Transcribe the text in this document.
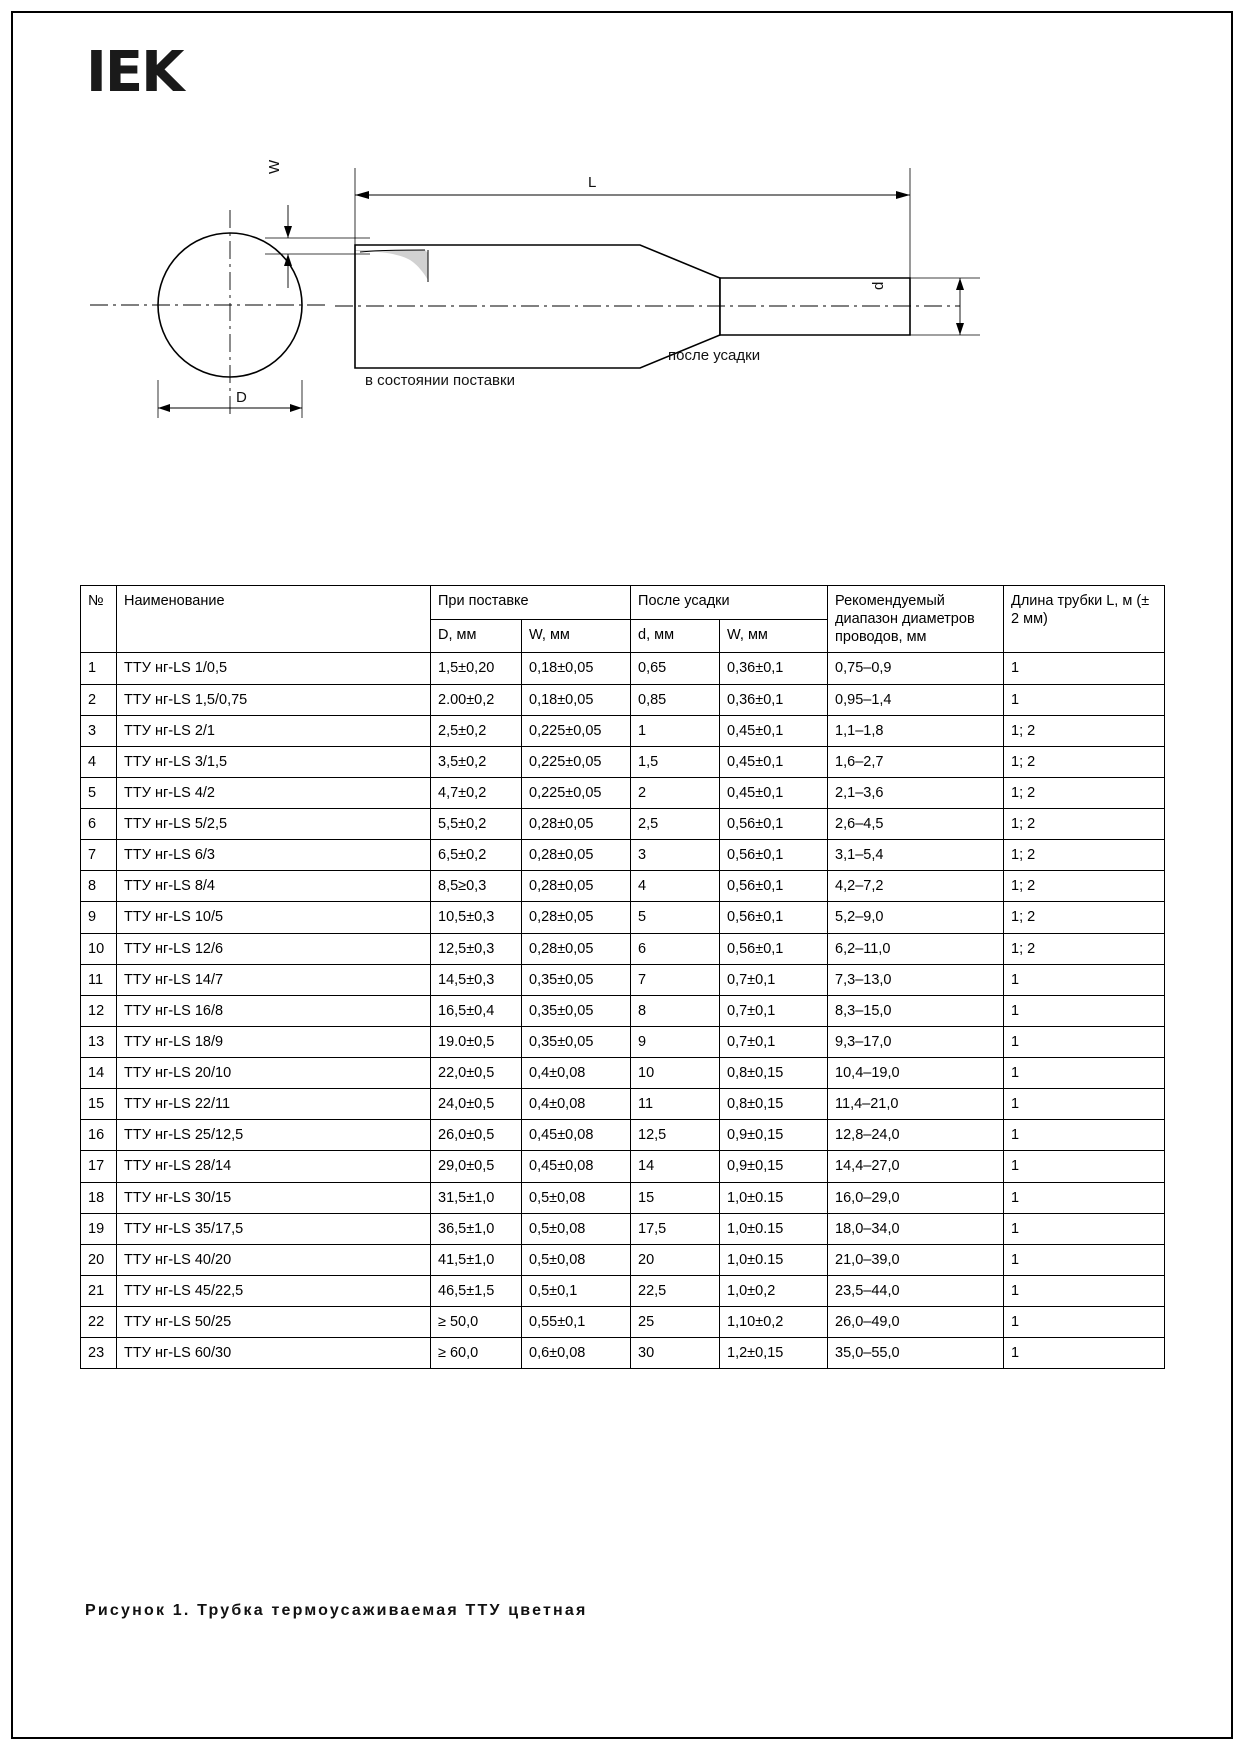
IEK
L
D
W
d
в состоянии поставки
после усадки
№	Наименование	При поставке		После усадки		Рекомендуемый диапазон диаметров проводов, мм	Длина трубки L, м (± 2 мм)
		D, мм	W, мм	d, мм	W, мм		
1	ТТУ нг-LS 1/0,5	1,5±0,20	0,18±0,05	0,65	0,36±0,1	0,75–0,9	1
2	ТТУ нг-LS 1,5/0,75	2.00±0,2	0,18±0,05	0,85	0,36±0,1	0,95–1,4	1
3	ТТУ нг-LS 2/1	2,5±0,2	0,225±0,05	1	0,45±0,1	1,1–1,8	1; 2
4	ТТУ нг-LS 3/1,5	3,5±0,2	0,225±0,05	1,5	0,45±0,1	1,6–2,7	1; 2
5	ТТУ нг-LS 4/2	4,7±0,2	0,225±0,05	2	0,45±0,1	2,1–3,6	1; 2
6	ТТУ нг-LS 5/2,5	5,5±0,2	0,28±0,05	2,5	0,56±0,1	2,6–4,5	1; 2
7	ТТУ нг-LS 6/3	6,5±0,2	0,28±0,05	3	0,56±0,1	3,1–5,4	1; 2
8	ТТУ нг-LS 8/4	8,5≥0,3	0,28±0,05	4	0,56±0,1	4,2–7,2	1; 2
9	ТТУ нг-LS 10/5	10,5±0,3	0,28±0,05	5	0,56±0,1	5,2–9,0	1; 2
10	ТТУ нг-LS 12/6	12,5±0,3	0,28±0,05	6	0,56±0,1	6,2–11,0	1; 2
11	ТТУ нг-LS 14/7	14,5±0,3	0,35±0,05	7	0,7±0,1	7,3–13,0	1
12	ТТУ нг-LS 16/8	16,5±0,4	0,35±0,05	8	0,7±0,1	8,3–15,0	1
13	ТТУ нг-LS 18/9	19.0±0,5	0,35±0,05	9	0,7±0,1	9,3–17,0	1
14	ТТУ нг-LS 20/10	22,0±0,5	0,4±0,08	10	0,8±0,15	10,4–19,0	1
15	ТТУ нг-LS 22/11	24,0±0,5	0,4±0,08	11	0,8±0,15	11,4–21,0	1
16	ТТУ нг-LS 25/12,5	26,0±0,5	0,45±0,08	12,5	0,9±0,15	12,8–24,0	1
17	ТТУ нг-LS 28/14	29,0±0,5	0,45±0,08	14	0,9±0,15	14,4–27,0	1
18	ТТУ нг-LS 30/15	31,5±1,0	0,5±0,08	15	1,0±0.15	16,0–29,0	1
19	ТТУ нг-LS 35/17,5	36,5±1,0	0,5±0,08	17,5	1,0±0.15	18,0–34,0	1
20	ТТУ нг-LS 40/20	41,5±1,0	0,5±0,08	20	1,0±0.15	21,0–39,0	1
21	ТТУ нг-LS 45/22,5	46,5±1,5	0,5±0,1	22,5	1,0±0,2	23,5–44,0	1
22	ТТУ нг-LS 50/25	≥ 50,0	0,55±0,1	25	1,10±0,2	26,0–49,0	1
23	ТТУ нг-LS 60/30	≥ 60,0	0,6±0,08	30	1,2±0,15	35,0–55,0	1
Рисунок 1. Трубка термоусаживаемая ТТУ цветная
